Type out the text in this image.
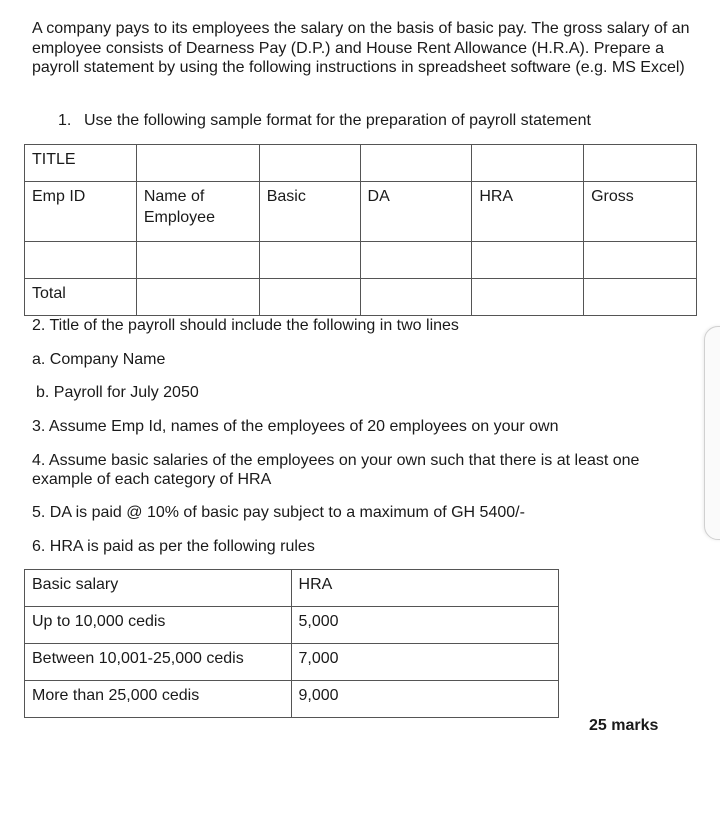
A company pays to its employees the salary on the basis of basic pay. The gross salary of an employee consists of Dearness Pay (D.P.) and House Rent Allowance (H.R.A). Prepare a payroll statement by using the following instructions in spreadsheet software (e.g. MS Excel)

1. Use the following sample format for the preparation of payroll statement

TITLE					
Emp ID	Name of Employee	Basic	DA	HRA	Gross

Total					

2. Title of the payroll should include the following in two lines

a. Company Name

b. Payroll for July 2050

3. Assume Emp Id, names of the employees of 20 employees on your own

4. Assume basic salaries of the employees on your own such that there is at least one example of each category of HRA

5. DA is paid @ 10% of basic pay subject to a maximum of GH 5400/-

6. HRA is paid as per the following rules

Basic salary	HRA
Up to 10,000 cedis	5,000
Between 10,001-25,000 cedis	7,000
More than 25,000 cedis	9,000

25 marks
